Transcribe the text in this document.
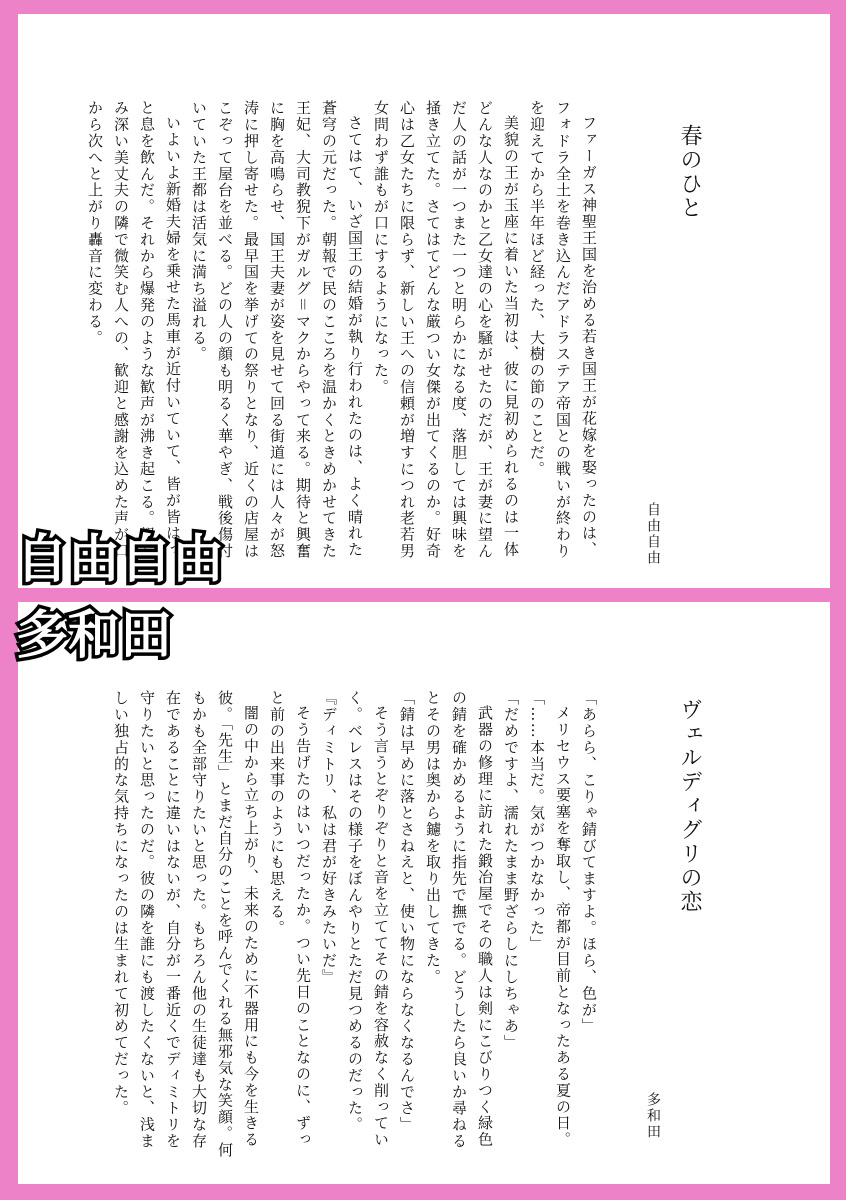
春のひと
自由自由

ファーガス神聖王国を治める若き国王が花嫁を娶ったのは、フォドラ全土を巻き込んだアドラステア帝国との戦いが終わりを迎えてから半年ほど経った、大樹の節のことだ。

美貌の王が玉座に着いた当初は、彼に見初められるのは一体どんな人なのかと乙女達の心を騒がせたのだが、王が妻に望んだ人の話が一つまた一つと明らかになる度、落胆しては興味を掻き立てた。さてはてどんな厳つい女傑が出てくるのか。好奇心は乙女たちに限らず、新しい王への信頼が増すにつれ老若男女問わず誰もが口にするようになった。

さてはて、いざ国王の結婚が執り行われたのは、よく晴れた蒼穹の元だった。朝報で民のこころを温かくときめかせてきた王妃、大司教猊下がガルグ＝マクからやって来る。期待と興奮に胸を高鳴らせ、国王夫妻が姿を見せて回る街道には人々が怒涛に押し寄せた。最早国を挙げての祭りとなり、近くの店屋はこぞって屋台を並べる。どの人の顔も明るく華やぎ、戦後傷付いていた王都は活気に満ち溢れる。

いよいよ新婚夫婦を乗せた馬車が近付いていて、皆が皆はっと息を飲んだ。それから爆発のような歓声が沸き起こる。親しみ深い美丈夫の隣で微笑む人への、歓迎と感謝を込めた声が口から次へと上がり轟音に変わる。

ヴェルディグリの恋
多和田

「あらら、こりゃ錆びてますよ。ほら、色が」

メリセウス要塞を奪取し、帝都が目前となったある夏の日。

「……本当だ。気がつかなかった」

「だめですよ、濡れたまま野ざらしにしちゃあ」

武器の修理に訪れた鍛冶屋でその職人は剣にこびりつく緑色の錆を確かめるように指先で撫でる。どうしたら良いか尋ねるとその男は奥から鑢を取り出してきた。

「錆は早めに落とさねえと、使い物にならなくなるんでさ」

そう言うとぞりぞりと音を立ててその錆を容赦なく削っていく。ベレスはその様子をぼんやりとただ見つめるのだった。

『ディミトリ、私は君が好きみたいだ』

そう告げたのはいつだったか。つい先日のことなのに、ずっと前の出来事のようにも思える。

闇の中から立ち上がり、未来のために不器用にも今を生きる彼。「先生」とまだ自分のことを呼んでくれる無邪気な笑顔。何もかも全部守りたいと思った。もちろん他の生徒達も大切な存在であることに違いはないが、自分が一番近くでディミトリを守りたいと思ったのだ。彼の隣を誰にも渡したくないと、浅ましい独占的な気持ちになったのは生まれて初めてだった。

自由自由
多和田
